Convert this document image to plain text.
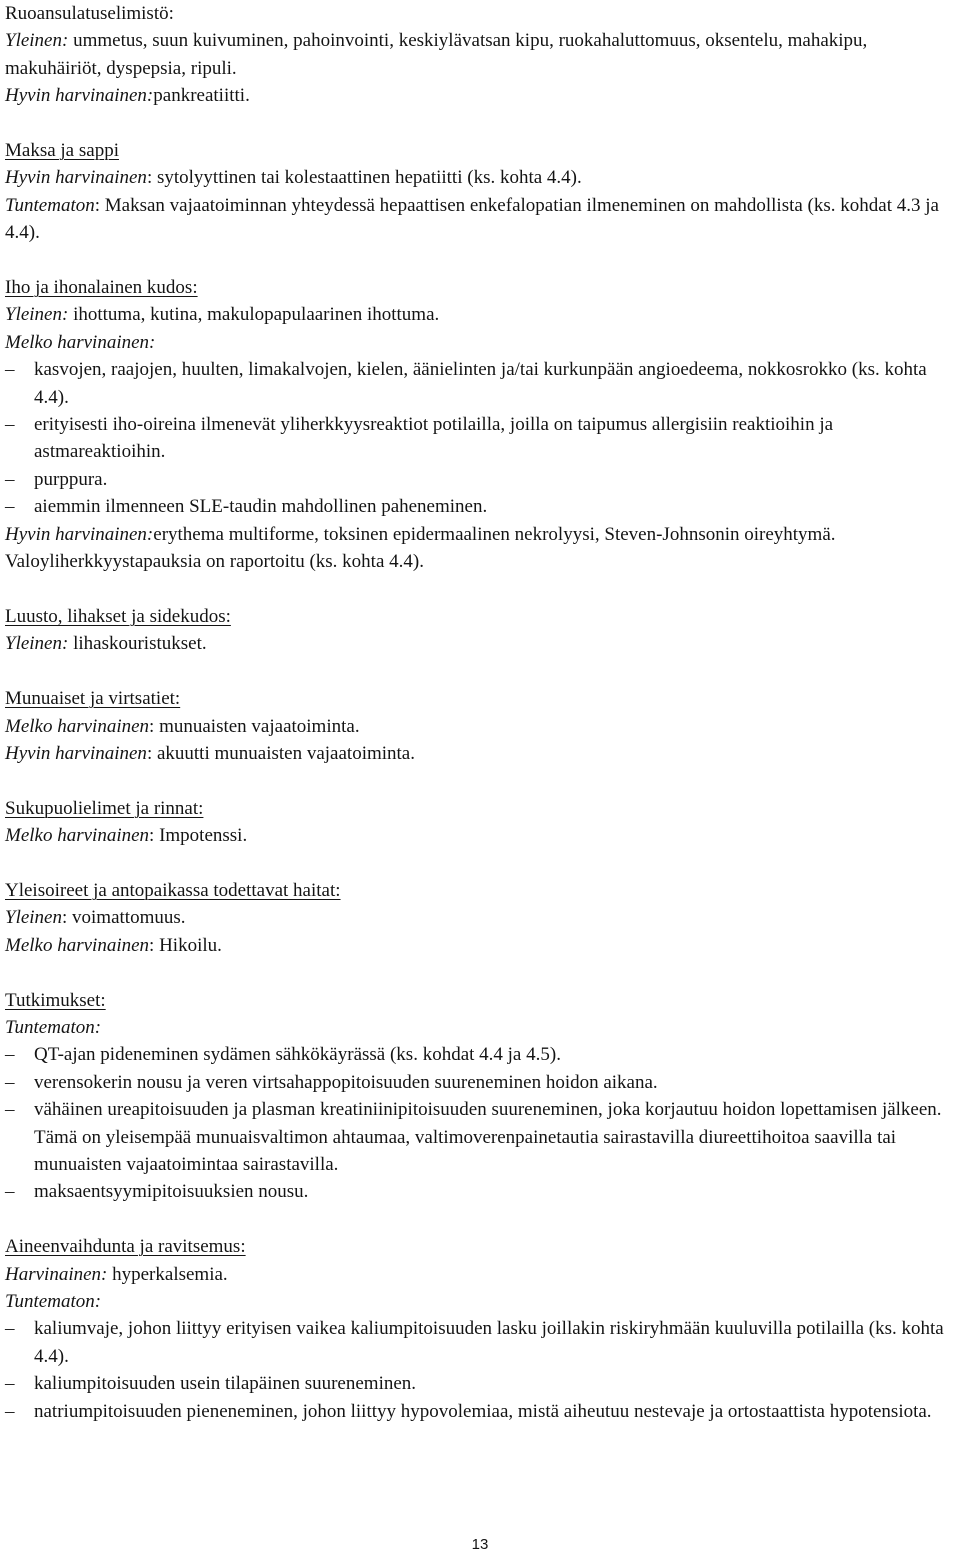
Ruoansulatuselimistö:

Yleinen: ummetus, suun kuivuminen, pahoinvointi, keskiylävatsan kipu, ruokahaluttomuus, oksentelu, mahakipu, makuhäiriöt, dyspepsia, ripuli.

Hyvin harvinainen:pankreatiitti.

Maksa ja sappi

Hyvin harvinainen: sytolyyttinen tai kolestaattinen hepatiitti (ks. kohta 4.4).

Tuntematon: Maksan vajaatoiminnan yhteydessä hepaattisen enkefalopatian ilmeneminen on mahdollista (ks. kohdat 4.3 ja 4.4).

Iho ja ihonalainen kudos:

Yleinen: ihottuma, kutina, makulopapulaarinen ihottuma.

Melko harvinainen:

–	kasvojen, raajojen, huulten, limakalvojen, kielen, äänielinten ja/tai kurkunpään angioedeema, nokkosrokko (ks. kohta 4.4).
–	erityisesti iho-oireina ilmenevät yliherkkyysreaktiot potilailla, joilla on taipumus allergisiin reaktioihin ja astmareaktioihin.
–	purppura.
–	aiemmin ilmenneen SLE-taudin mahdollinen paheneminen.

Hyvin harvinainen:erythema multiforme, toksinen epidermaalinen nekrolyysi, Steven-Johnsonin oireyhtymä.

Valoyliherkkyystapauksia on raportoitu (ks. kohta 4.4).

Luusto, lihakset ja sidekudos:

Yleinen: lihaskouristukset.

Munuaiset ja virtsatiet:

Melko harvinainen: munuaisten vajaatoiminta.

Hyvin harvinainen: akuutti munuaisten vajaatoiminta.

Sukupuolielimet ja rinnat:

Melko harvinainen: Impotenssi.

Yleisoireet ja antopaikassa todettavat haitat:

Yleinen: voimattomuus.

Melko harvinainen: Hikoilu.

Tutkimukset:

Tuntematon:

–	QT-ajan pideneminen sydämen sähkökäyrässä (ks. kohdat 4.4 ja 4.5).
–	verensokerin nousu ja veren virtsahappopitoisuuden suureneminen hoidon aikana.
–	vähäinen ureapitoisuuden ja plasman kreatiniinipitoisuuden suureneminen, joka korjautuu hoidon lopettamisen jälkeen. Tämä on yleisempää munuaisvaltimon ahtaumaa, valtimoverenpainetautia sairastavilla diureettihoitoa saavilla tai munuaisten vajaatoimintaa sairastavilla.
–	maksaentsyymipitoisuuksien nousu.

Aineenvaihdunta ja ravitsemus:

Harvinainen: hyperkalsemia.

Tuntematon:

–	kaliumvaje, johon liittyy erityisen vaikea kaliumpitoisuuden lasku joillakin riskiryhmään kuuluvilla potilailla (ks. kohta 4.4).
–	kaliumpitoisuuden usein tilapäinen suureneminen.
–	natriumpitoisuuden pieneneminen, johon liittyy hypovolemiaa, mistä aiheutuu nestevaje ja ortostaattista hypotensiota.
13
